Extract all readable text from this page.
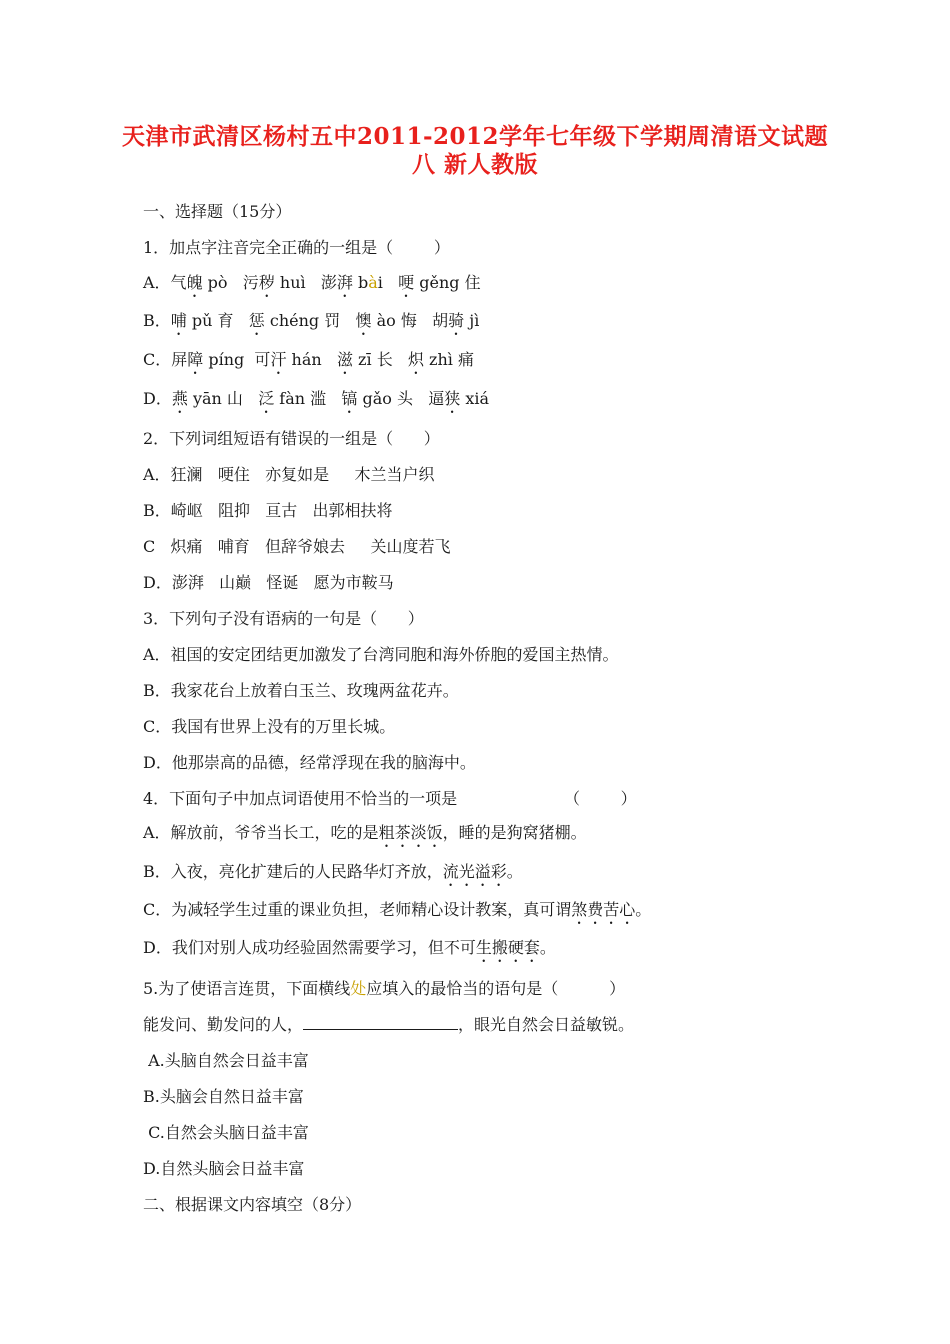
天津市武清区杨村五中2011-2012学年七年级下学期周清语文试题
八 新人教版
一、选择题（15分）
1．加点字注音完全正确的一组是（        ）
A．气魄 pò   污秽 huì   澎湃 bài   哽 gěng 住
B．哺 pǔ 育   惩 chéng 罚   懊 ào 悔   胡骑 jì
C．屏障 píng  可汗 hán   滋 zī 长   炽 zhì 痛
D．燕 yān 山   泛 fàn 滥   镐 gǎo 头   逼狭 xiá
2．下列词组短语有错误的一组是（      ）
A．狂澜   哽住   亦复如是     木兰当户织
B．崎岖   阻抑   亘古   出郭相扶将
C   炽痛   哺育   但辞爷娘去     关山度若飞
D．澎湃   山巅   怪诞   愿为市鞍马
3．下列句子没有语病的一句是（      ）
A．祖国的安定团结更加激发了台湾同胞和海外侨胞的爱国主热情。
B．我家花台上放着白玉兰、玫瑰两盆花卉。
C．我国有世界上没有的万里长城。
D．他那崇高的品德，经常浮现在我的脑海中。
4．下面句子中加点词语使用不恰当的一项是                     （        ）
A．解放前，爷爷当长工，吃的是粗茶淡饭，睡的是狗窝猪棚。
B．入夜，亮化扩建后的人民路华灯齐放，流光溢彩。
C．为减轻学生过重的课业负担，老师精心设计教案，真可谓煞费苦心。
D．我们对别人成功经验固然需要学习，但不可生搬硬套。
5.为了使语言连贯，下面横线处应填入的最恰当的语句是（          ）
能发问、勤发问的人，	，眼光自然会日益敏锐。
A.头脑自然会日益丰富
B.头脑会自然日益丰富
C.自然会头脑日益丰富
D.自然头脑会日益丰富
二、根据课文内容填空（8分）
